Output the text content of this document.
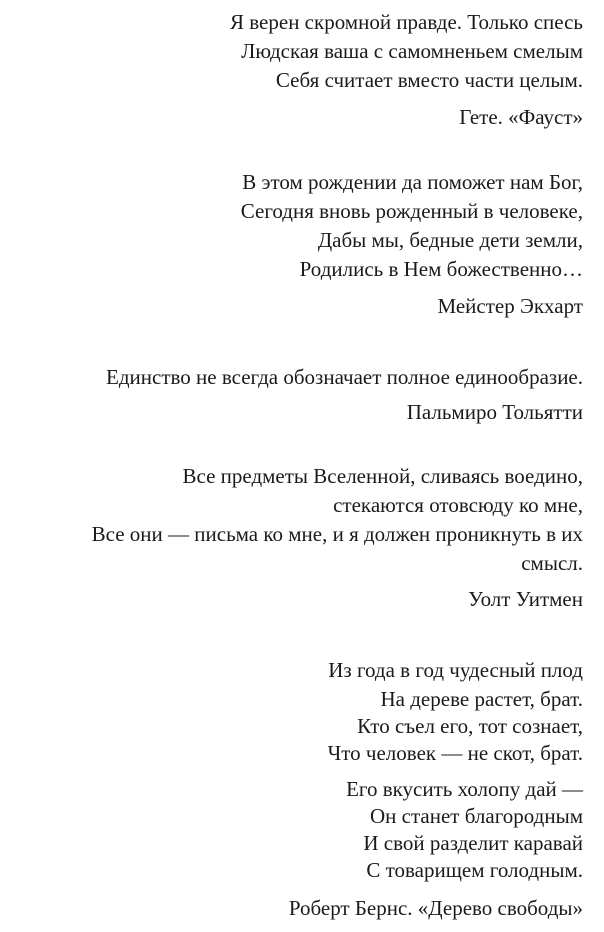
Я верен скромной правде. Только спесь
Людская ваша с самомненьем смелым
Себя считает вместо части целым.
Гете. «Фауст»
В этом рождении да поможет нам Бог,
Сегодня вновь рожденный в человеке,
Дабы мы, бедные дети земли,
Родились в Нем божественно…
Мейстер Экхарт
Единство не всегда обозначает полное единообразие.
Пальмиро Тольятти
Все предметы Вселенной, сливаясь воедино,
стекаются отовсюду ко мне,
Все они — письма ко мне, и я должен проникнуть в их
смысл.
Уолт Уитмен
Из года в год чудесный плод
На дереве растет, брат.
Кто съел его, тот сознает,
Что человек — не скот, брат.
Его вкусить холопу дай —
Он станет благородным
И свой разделит каравай
С товарищем голодным.
Роберт Бернс. «Дерево свободы»
